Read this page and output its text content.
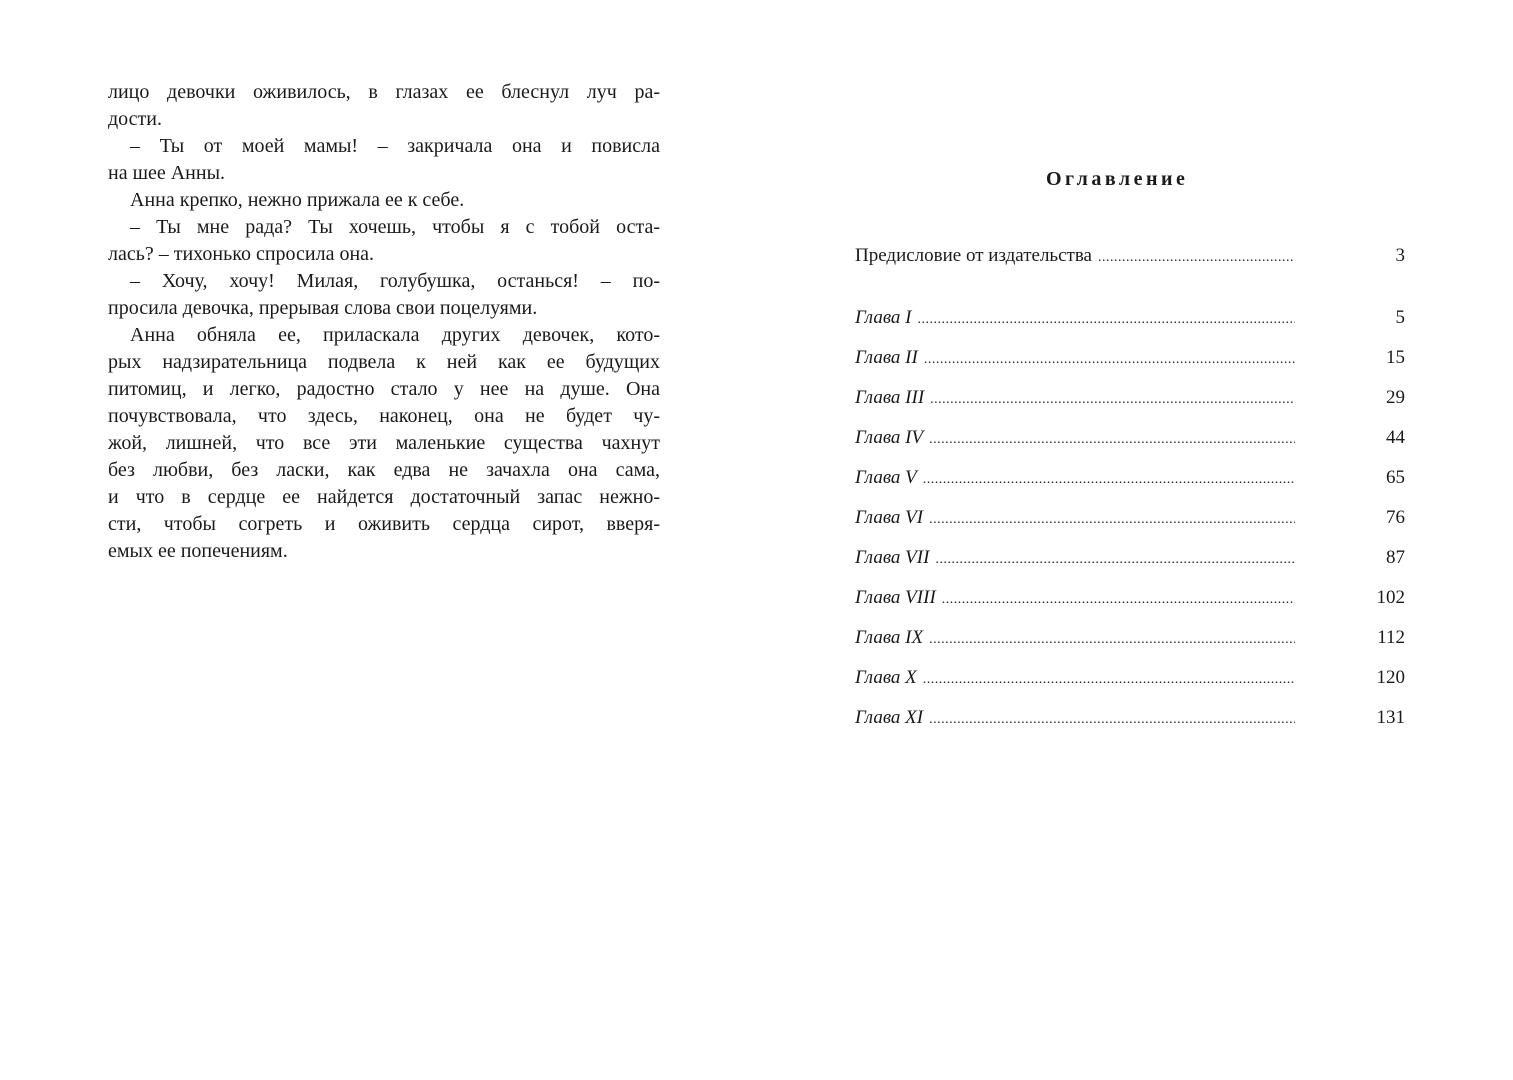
лицо девочки оживилось, в глазах ее блеснул луч ра-
дости.
– Ты от моей мамы! – закричала она и повисла
на шее Анны.
Анна крепко, нежно прижала ее к себе.
– Ты мне рада? Ты хочешь, чтобы я с тобой оста-
лась? – тихонько спросила она.
– Хочу, хочу! Милая, голубушка, останься! – по-
просила девочка, прерывая слова свои поцелуями.
Анна обняла ее, приласкала других девочек, кото-
рых надзирательница подвела к ней как ее будущих
питомиц, и легко, радостно стало у нее на душе. Она
почувствовала, что здесь, наконец, она не будет чу-
жой, лишней, что все эти маленькие существа чахнут
без любви, без ласки, как едва не зачахла она сама,
и что в сердце ее найдется достаточный запас нежно-
сти, чтобы согреть и оживить сердца сирот, вверя-
емых ее попечениям.
Оглавление
Предисловие от издательства .....	3
Глава I .....	5
Глава II .....	15
Глава III .....	29
Глава IV .....	44
Глава V .....	65
Глава VI .....	76
Глава VII .....	87
Глава VIII .....	102
Глава IX .....	112
Глава X .....	120
Глава XI .....	131
